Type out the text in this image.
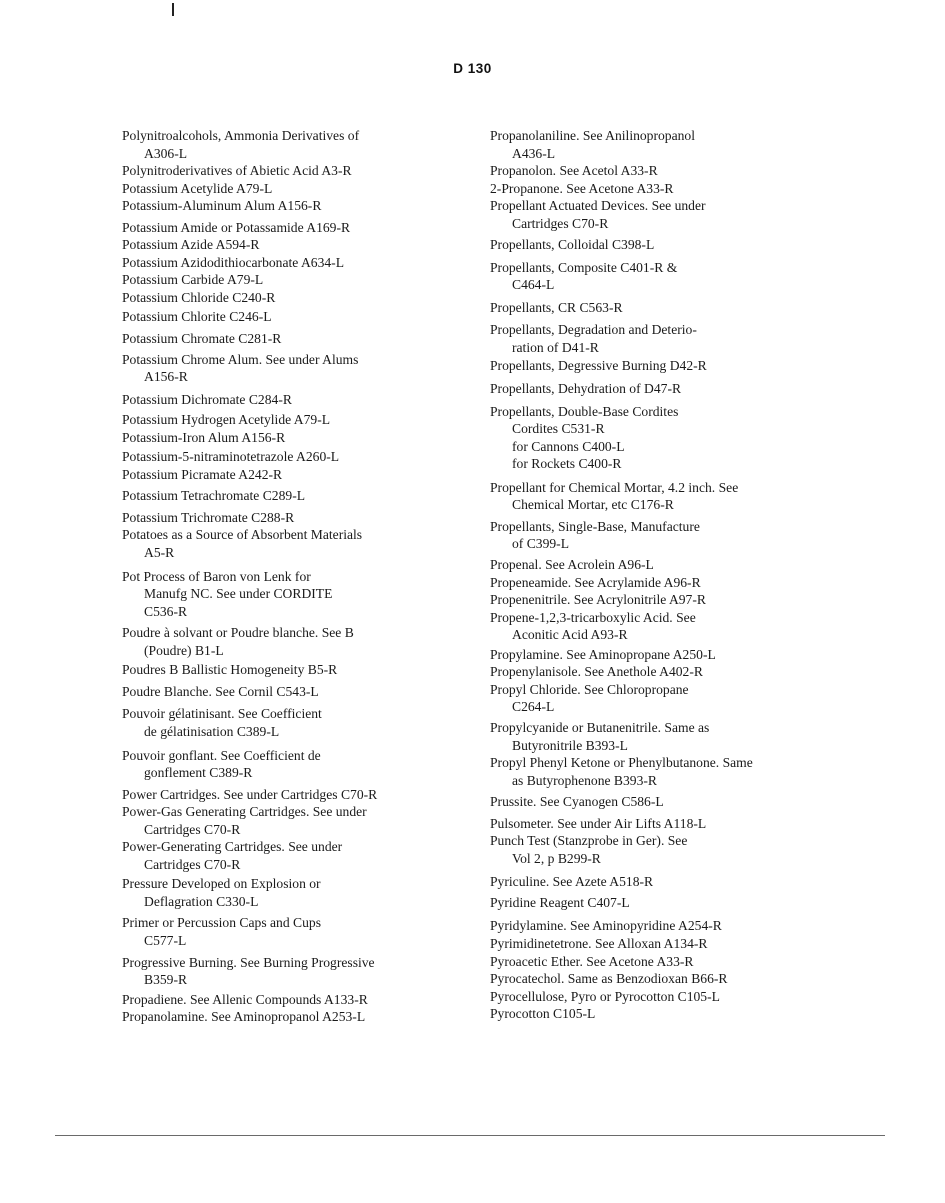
D 130

Polynitroalcohols, Ammonia Derivatives of
A306-L

Polynitroderivatives of Abietic Acid A3-R

Potassium Acetylide A79-L

Potassium-Aluminum Alum A156-R

Potassium Amide or Potassamide A169-R

Potassium Azide A594-R

Potassium Azidodithiocarbonate A634-L

Potassium Carbide A79-L

Potassium Chloride C240-R

Potassium Chlorite C246-L

Potassium Chromate C281-R

Potassium Chrome Alum. See under Alums
A156-R

Potassium Dichromate C284-R

Potassium Hydrogen Acetylide A79-L

Potassium-Iron Alum A156-R

Potassium-5-nitraminotetrazole A260-L

Potassium Picramate A242-R

Potassium Tetrachromate C289-L

Potassium Trichromate C288-R

Potatoes as a Source of Absorbent Materials
A5-R

Pot Process of Baron von Lenk for
Manufg NC. See under CORDITE
C536-R

Poudre à solvant or Poudre blanche. See B
(Poudre) B1-L

Poudres B Ballistic Homogeneity B5-R

Poudre Blanche. See Cornil C543-L

Pouvoir gélatinisant. See Coefficient
de gélatinisation C389-L

Pouvoir gonflant. See Coefficient de
gonflement C389-R

Power Cartridges. See under Cartridges C70-R

Power-Gas Generating Cartridges. See under
Cartridges C70-R

Power-Generating Cartridges. See under
Cartridges C70-R

Pressure Developed on Explosion or
Deflagration C330-L

Primer or Percussion Caps and Cups
C577-L

Progressive Burning. See Burning Progressive
B359-R

Propadiene. See Allenic Compounds A133-R

Propanolamine. See Aminopropanol A253-L

Propanolaniline. See Anilinopropanol
A436-L

Propanolon. See Acetol A33-R

2-Propanone. See Acetone A33-R

Propellant Actuated Devices. See under
Cartridges C70-R

Propellants, Colloidal C398-L

Propellants, Composite C401-R &
C464-L

Propellants, CR C563-R

Propellants, Degradation and Deterio-
ration of D41-R

Propellants, Degressive Burning D42-R

Propellants, Dehydration of D47-R

Propellants, Double-Base Cordites
Cordites C531-R
for Cannons C400-L
for Rockets C400-R

Propellant for Chemical Mortar, 4.2 inch. See
Chemical Mortar, etc C176-R

Propellants, Single-Base, Manufacture
of C399-L

Propenal. See Acrolein A96-L

Propeneamide. See Acrylamide A96-R

Propenenitrile. See Acrylonitrile A97-R

Propene-1,2,3-tricarboxylic Acid. See
Aconitic Acid A93-R

Propylamine. See Aminopropane A250-L

Propenylanisole. See Anethole A402-R

Propyl Chloride. See Chloropropane
C264-L

Propylcyanide or Butanenitrile. Same as
Butyronitrile B393-L

Propyl Phenyl Ketone or Phenylbutanone. Same
as Butyrophenone B393-R

Prussite. See Cyanogen C586-L

Pulsometer. See under Air Lifts A118-L

Punch Test (Stanzprobe in Ger). See
Vol 2, p B299-R

Pyriculine. See Azete A518-R

Pyridine Reagent C407-L

Pyridylamine. See Aminopyridine A254-R

Pyrimidinetetrone. See Alloxan A134-R

Pyroacetic Ether. See Acetone A33-R

Pyrocatechol. Same as Benzodioxan B66-R

Pyrocellulose, Pyro or Pyrocotton C105-L

Pyrocotton C105-L
